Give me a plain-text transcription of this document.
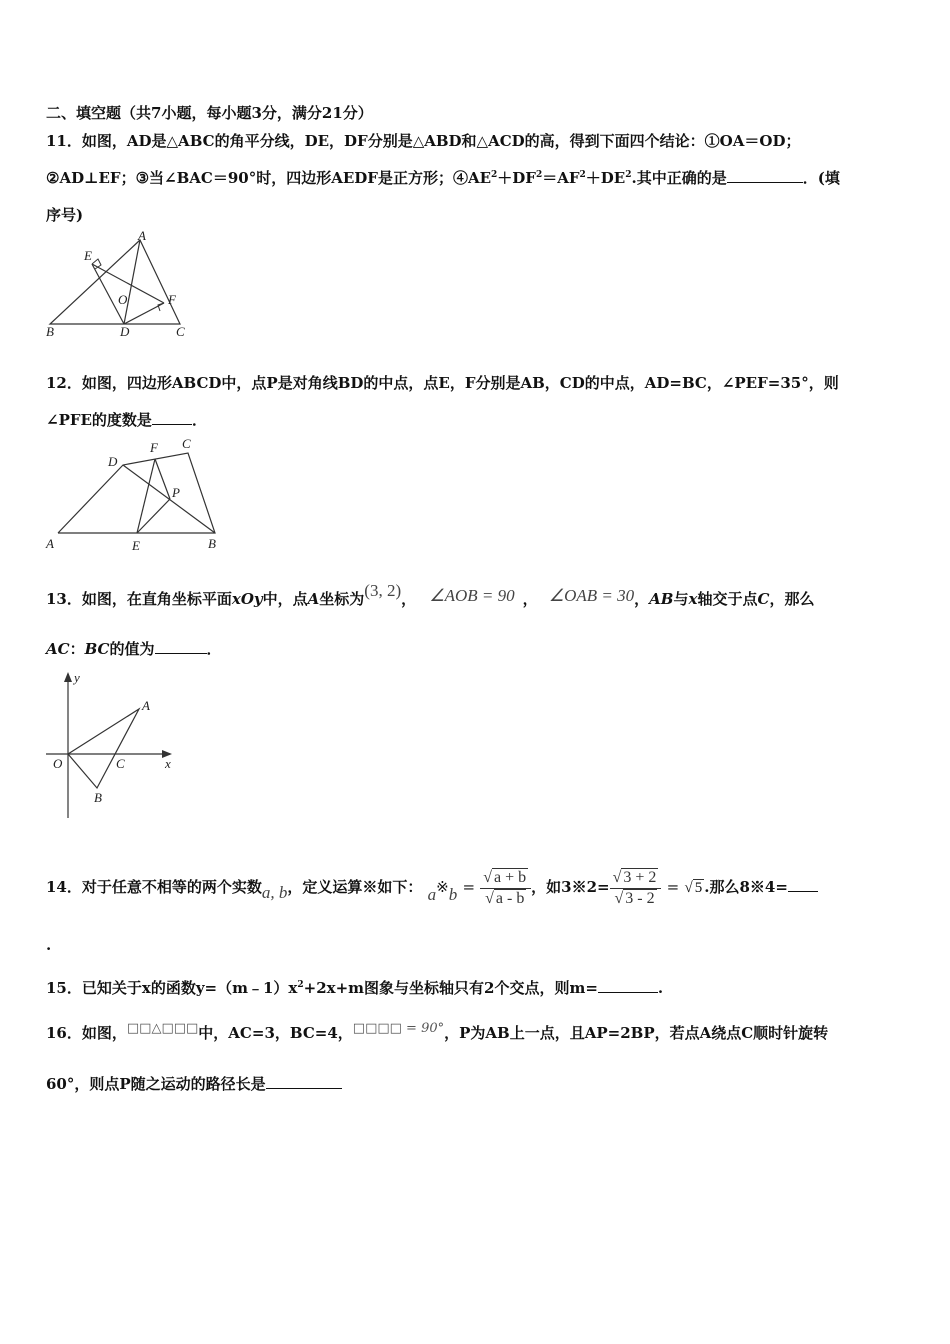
二、填空题（共7小题，每小题3分，满分21分）
11．如图，AD是△ABC的角平分线，DE，DF分别是△ABD和△ACD的高，得到下面四个结论：①OA＝OD；
②AD⊥EF；③当∠BAC＝90°时，四边形AEDF是正方形；$④AE^2+DF^2=AF^2+DE^2$.其中正确的是	．(填
序号)
A
E
O	F
B	D	C
12．如图，四边形ABCD中，点P是对角线BD的中点，点E，F分别是AB，CD的中点，AD=BC，∠PEF=35°，则
∠PFE的度数是	．
D
F C
P
A	E	B
13．如图，在直角坐标平面xOy中，点A坐标为(3, 2)， ∠AOB = 90 ， ∠OAB = 30，AB与x轴交于点C，那么
AC：BC的值为	．
y
A
O	C	x
B
14．对于任意不相等的两个实数a, b，定义运算※如下： a※b = $\frac{√ a + b}{√ a - b}$ ，如3※2= $\frac{√ 3 + 2}{√ 3 - 2}$ = √ 5 .那么8※4=
.
15．已知关于x的函数$y=(m﹣1)x^2+2x+m$图象与坐标轴只有2个交点，则m=	.
16．如图，□□△□□□中，AC=3，BC=4，□□□□ = 90°，P为AB上一点，且AP=2BP，若点A绕点C顺时针旋转
60°，则点P随之运动的路径长是
